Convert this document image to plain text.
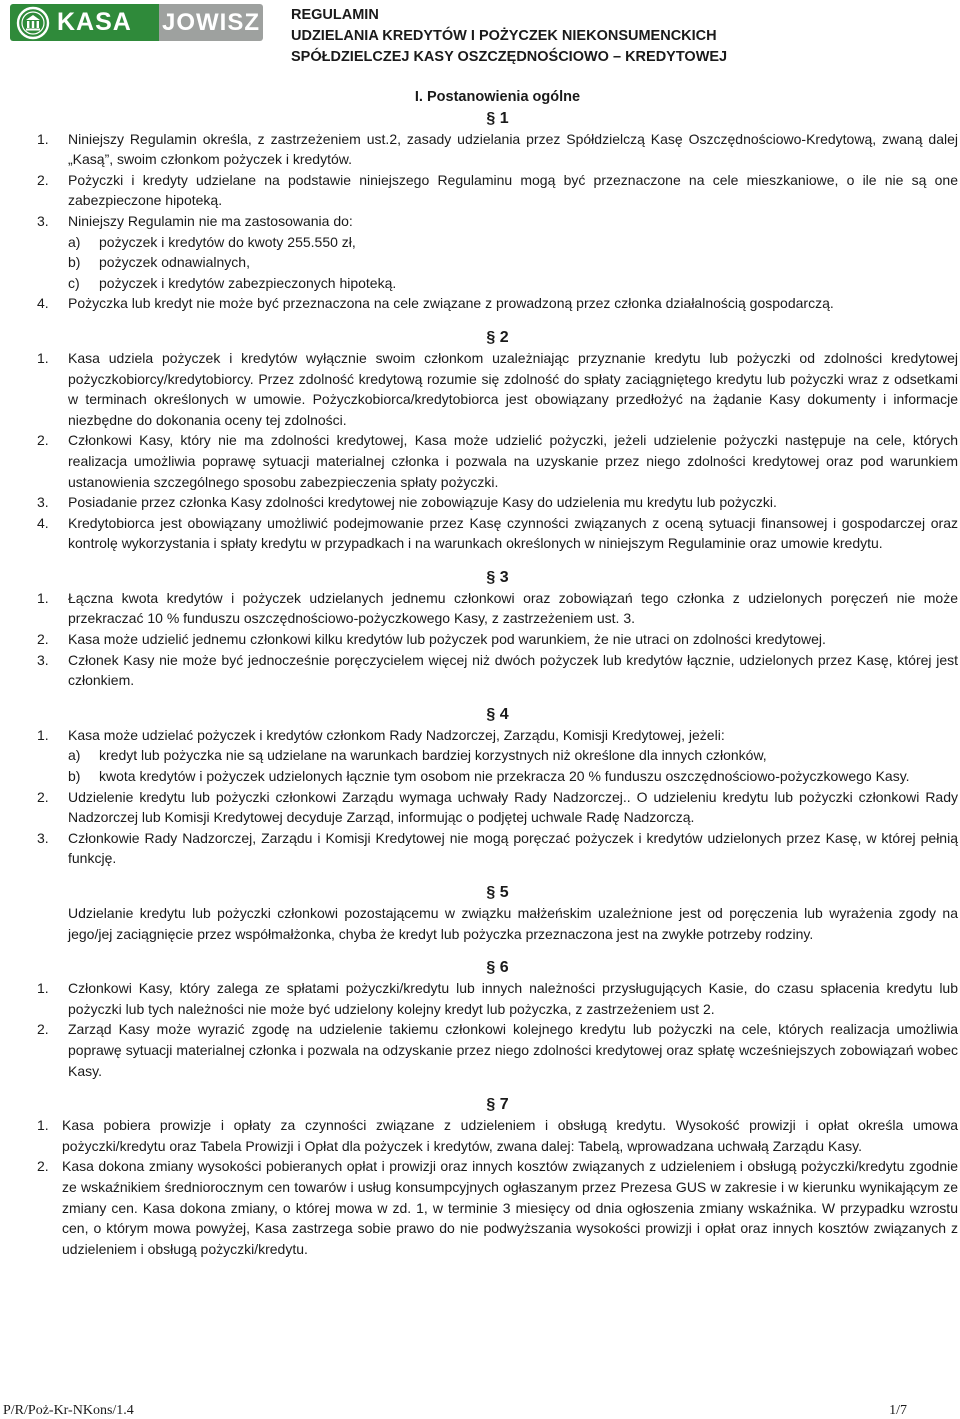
KASA JOWISZ REGULAMIN
UDZIELANIA KREDYTÓW I POŻYCZEK NIEKONSUMENCKICH
SPÓŁDZIELCZEJ KASY OSZCZĘDNOŚCIOWO – KREDYTOWEJ
I. Postanowienia ogólne
§ 1
1.	Niniejszy Regulamin określa, z zastrzeżeniem ust.2, zasady udzielania przez Spółdzielczą Kasę Oszczędnościowo-Kredytową, zwaną dalej „Kasą”, swoim członkom pożyczek i kredytów.
2.	Pożyczki i kredyty udzielane na podstawie niniejszego Regulaminu mogą być przeznaczone na cele mieszkaniowe, o ile nie są one zabezpieczone hipoteką.
3.	Niniejszy Regulamin nie ma zastosowania do:
a)	pożyczek i kredytów do kwoty 255.550 zł,
b)	pożyczek odnawialnych,
c)	pożyczek i kredytów zabezpieczonych hipoteką.
4.	Pożyczka lub kredyt nie może być przeznaczona na cele związane z prowadzoną przez członka działalnością gospodarczą.
§ 2
1.	Kasa udziela pożyczek i kredytów wyłącznie swoim członkom uzależniając przyznanie kredytu lub pożyczki od zdolności kredytowej pożyczkobiorcy/kredytobiorcy. Przez zdolność kredytową rozumie się zdolność do spłaty zaciągniętego kredytu lub pożyczki wraz z odsetkami w terminach określonych w umowie. Pożyczkobiorca/kredytobiorca jest obowiązany przedłożyć na żądanie Kasy dokumenty i informacje niezbędne do dokonania oceny tej zdolności.
2.	Członkowi Kasy, który nie ma zdolności kredytowej, Kasa może udzielić pożyczki, jeżeli udzielenie pożyczki następuje na cele, których realizacja umożliwia poprawę sytuacji materialnej członka i pozwala na uzyskanie przez niego zdolności kredytowej oraz pod warunkiem ustanowienia szczególnego sposobu zabezpieczenia spłaty pożyczki.
3.	Posiadanie przez członka Kasy zdolności kredytowej nie zobowiązuje Kasy do udzielenia mu kredytu lub pożyczki.
4.	Kredytobiorca jest obowiązany umożliwić podejmowanie przez Kasę czynności związanych z oceną sytuacji finansowej i gospodarczej oraz kontrolę wykorzystania i spłaty kredytu w przypadkach i na warunkach określonych w niniejszym Regulaminie oraz umowie kredytu.
§ 3
1.	Łączna kwota kredytów i pożyczek udzielanych jednemu członkowi oraz zobowiązań tego członka z udzielonych poręczeń nie może przekraczać 10 % funduszu oszczędnościowo-pożyczkowego Kasy, z zastrzeżeniem ust. 3.
2.	Kasa może udzielić jednemu członkowi kilku kredytów lub pożyczek pod warunkiem, że nie utraci on zdolności kredytowej.
3.	Członek Kasy nie może być jednocześnie poręczycielem więcej niż dwóch pożyczek lub kredytów łącznie, udzielonych przez Kasę, której jest członkiem.
§ 4
1.	Kasa może udzielać pożyczek i kredytów członkom Rady Nadzorczej, Zarządu, Komisji Kredytowej, jeżeli:
a)	kredyt lub pożyczka nie są udzielane na warunkach bardziej korzystnych niż określone dla innych członków,
b)	kwota kredytów i pożyczek udzielonych łącznie tym osobom nie przekracza 20 % funduszu oszczędnościowo-pożyczkowego Kasy.
2.	Udzielenie kredytu lub pożyczki członkowi Zarządu wymaga uchwały Rady Nadzorczej.. O udzieleniu kredytu lub pożyczki członkowi Rady Nadzorczej lub Komisji Kredytowej decyduje Zarząd, informując o podjętej uchwale Radę Nadzorczą.
3.	Członkowie Rady Nadzorczej, Zarządu i Komisji Kredytowej nie mogą poręczać pożyczek i kredytów udzielonych przez Kasę, w której pełnią funkcję.
§ 5
Udzielanie kredytu lub pożyczki członkowi pozostającemu w związku małżeńskim uzależnione jest od poręczenia lub wyrażenia zgody na jego/jej zaciągnięcie przez współmałżonka, chyba że kredyt lub pożyczka przeznaczona jest na zwykłe potrzeby rodziny.
§ 6
1.	Członkowi Kasy, który zalega ze spłatami pożyczki/kredytu lub innych należności przysługujących Kasie, do czasu spłacenia kredytu lub pożyczki lub tych należności nie może być udzielony kolejny kredyt lub pożyczka, z zastrzeżeniem ust 2.
2.	Zarząd Kasy może wyrazić zgodę na udzielenie takiemu członkowi kolejnego kredytu lub pożyczki na cele, których realizacja umożliwia poprawę sytuacji materialnej członka i pozwala na odzyskanie przez niego zdolności kredytowej oraz spłatę wcześniejszych zobowiązań wobec Kasy.
§ 7
1. Kasa pobiera prowizje i opłaty za czynności związane z udzieleniem i obsługą kredytu. Wysokość prowizji i opłat określa umowa pożyczki/kredytu oraz Tabela Prowizji i Opłat dla pożyczek i kredytów, zwana dalej: Tabelą, wprowadzana uchwałą Zarządu Kasy.
2. Kasa dokona zmiany wysokości pobieranych opłat i prowizji oraz innych kosztów związanych z udzieleniem i obsługą pożyczki/kredytu zgodnie ze wskaźnikiem średniorocznym cen towarów i usług konsumpcyjnych ogłaszanym przez Prezesa GUS w zakresie i w kierunku wynikającym ze zmiany cen. Kasa dokona zmiany, o której mowa w zd. 1, w terminie 3 miesięcy od dnia ogłoszenia zmiany wskaźnika. W przypadku wzrostu cen, o którym mowa powyżej, Kasa zastrzega sobie prawo do nie podwyższania wysokości prowizji i opłat oraz innych kosztów związanych z udzieleniem i obsługą pożyczki/kredytu.
P/R/Poż-Kr-NKons/1.4	1/7
